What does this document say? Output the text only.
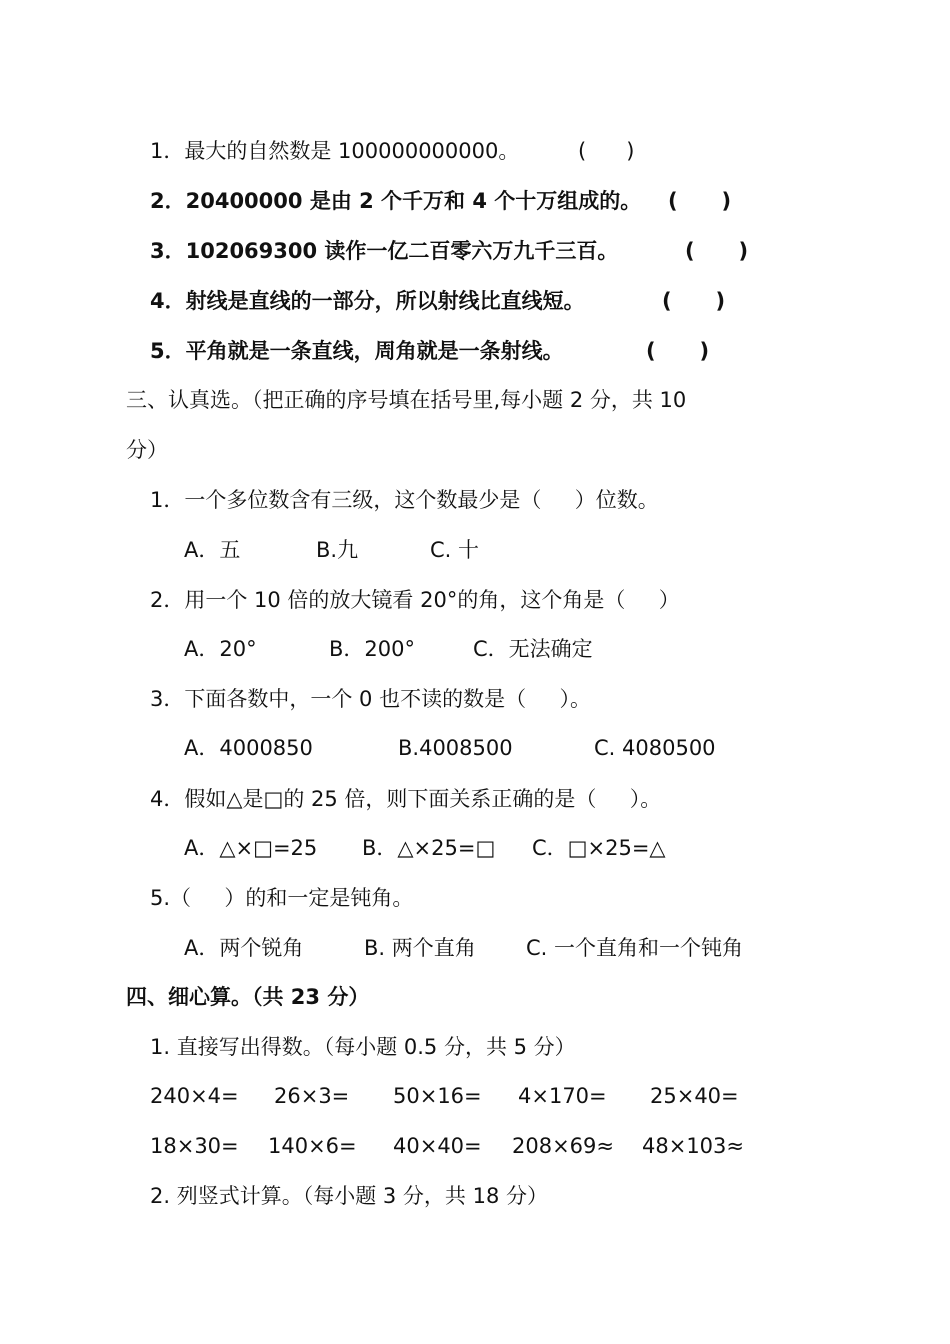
1．最大的自然数是 100000000000。

	(      )

2．20400000 是由 2 个千万和 4 个十万组成的。

(      )

3．102069300 读作一亿二百零六万九千三百。

	(      )

4．射线是直线的一部分，所以射线比直线短。

	(      )

5．平角就是一条直线，周角就是一条射线。

	(      )

三、认真选。（把正确的序号填在括号里,每小题 2 分，共 10
分）
1．一个多位数含有三级，这个数最少是（     ）位数。

A．五

	B.九

	C. 十

2．用一个 10 倍的放大镜看 20°的角，这个角是（     ）

A．20°

	B．200°

	C．无法确定

3．下面各数中，一个 0 也不读的数是（     ）。

A．4000850

	B.4008500

	C. 4080500

4．假如△是□的 25 倍，则下面关系正确的是（     ）。

A．△×□=25

B．△×25=□

C．□×25=△

5.（     ）的和一定是钝角。

A．两个锐角

	B. 两个直角

C. 一个直角和一个钝角

四、细心算。（共 23 分）
1. 直接写出得数。（每小题 0.5 分，共 5 分）
240×4= 26×3= 50×16= 4×170= 25×40=
18×30= 140×6= 40×40= 208×69≈ 48×103≈
2. 列竖式计算。（每小题 3 分，共 18 分）
